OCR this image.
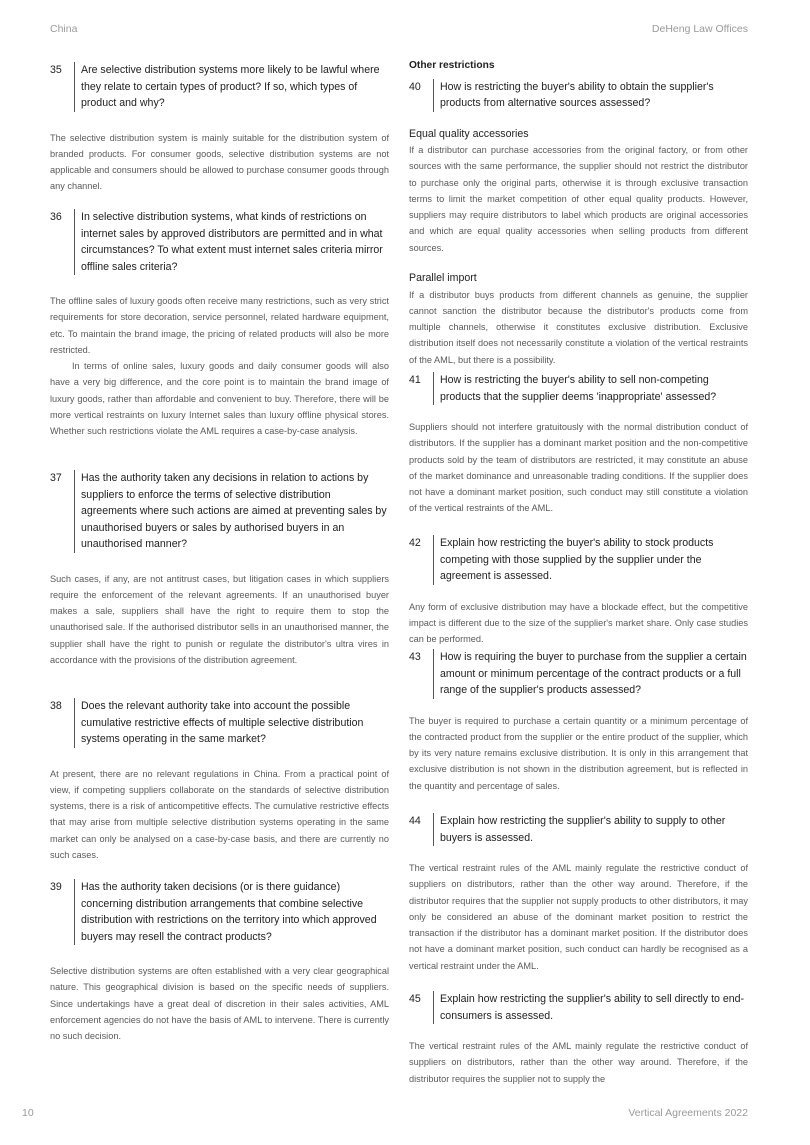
China	DeHeng Law Offices
35	Are selective distribution systems more likely to be lawful where they relate to certain types of product? If so, which types of product and why?

The selective distribution system is mainly suitable for the distribution system of branded products. For consumer goods, selective distribution systems are not applicable and consumers should be allowed to purchase consumer goods through any channel.

36	In selective distribution systems, what kinds of restrictions on internet sales by approved distributors are permitted and in what circumstances? To what extent must internet sales criteria mirror offline sales criteria?

The offline sales of luxury goods often receive many restrictions, such as very strict requirements for store decoration, service personnel, related hardware equipment, etc. To maintain the brand image, the pricing of related products will also be more restricted.

In terms of online sales, luxury goods and daily consumer goods will also have a very big difference, and the core point is to maintain the brand image of luxury goods, rather than affordable and convenient to buy. Therefore, there will be more vertical restraints on luxury Internet sales than luxury offline physical stores. Whether such restrictions violate the AML requires a case-by-case analysis.

37	Has the authority taken any decisions in relation to actions by suppliers to enforce the terms of selective distribution agreements where such actions are aimed at preventing sales by unauthorised buyers or sales by authorised buyers in an unauthorised manner?

Such cases, if any, are not antitrust cases, but litigation cases in which suppliers require the enforcement of the relevant agreements. If an unauthorised buyer makes a sale, suppliers shall have the right to require them to stop the unauthorised sale. If the authorised distributor sells in an unauthorised manner, the supplier shall have the right to punish or regulate the distributor's ultra vires in accordance with the provisions of the distribution agreement.

38	Does the relevant authority take into account the possible cumulative restrictive effects of multiple selective distribution systems operating in the same market?

At present, there are no relevant regulations in China. From a practical point of view, if competing suppliers collaborate on the standards of selective distribution systems, there is a risk of anticompetitive effects. The cumulative restrictive effects that may arise from multiple selective distribution systems operating in the same market can only be analysed on a case-by-case basis, and there are currently no such cases.

39	Has the authority taken decisions (or is there guidance) concerning distribution arrangements that combine selective distribution with restrictions on the territory into which approved buyers may resell the contract products?

Selective distribution systems are often established with a very clear geographical nature. This geographical division is based on the specific needs of suppliers. Since undertakings have a great deal of discretion in their sales activities, AML enforcement agencies do not have the basis of AML to intervene. There is currently no such decision.

Other restrictions
40	How is restricting the buyer's ability to obtain the supplier's products from alternative sources assessed?
Equal quality accessories

If a distributor can purchase accessories from the original factory, or from other sources with the same performance, the supplier should not restrict the distributor to purchase only the original parts, otherwise it is through exclusive transaction terms to limit the market competition of other equal quality products. However, suppliers may require distributors to label which products are original accessories and which are equal quality accessories when selling products from different sources.

Parallel import

If a distributor buys products from different channels as genuine, the supplier cannot sanction the distributor because the distributor's products come from multiple channels, otherwise it constitutes exclusive distribution. Exclusive distribution itself does not necessarily constitute a violation of the vertical restraints of the AML, but there is a possibility.

41	How is restricting the buyer's ability to sell non-competing products that the supplier deems 'inappropriate' assessed?

Suppliers should not interfere gratuitously with the normal distribution conduct of distributors. If the supplier has a dominant market position and the non-competitive products sold by the team of distributors are restricted, it may constitute an abuse of the market dominance and unreasonable trading conditions. If the supplier does not have a dominant market position, such conduct may still constitute a violation of the vertical restraints of the AML.

42	Explain how restricting the buyer's ability to stock products competing with those supplied by the supplier under the agreement is assessed.

Any form of exclusive distribution may have a blockade effect, but the competitive impact is different due to the size of the supplier's market share. Only case studies can be performed.

43	How is requiring the buyer to purchase from the supplier a certain amount or minimum percentage of the contract products or a full range of the supplier's products assessed?

The buyer is required to purchase a certain quantity or a minimum percentage of the contracted product from the supplier or the entire product of the supplier, which by its very nature remains exclusive distribution. It is only in this arrangement that exclusive distribution is not shown in the distribution agreement, but is reflected in the quantity and percentage of sales.

44	Explain how restricting the supplier's ability to supply to other buyers is assessed.

The vertical restraint rules of the AML mainly regulate the restrictive conduct of suppliers on distributors, rather than the other way around. Therefore, if the distributor requires that the supplier not supply products to other distributors, it may only be considered an abuse of the dominant market position to restrict the transaction if the distributor has a dominant market position. If the distributor does not have a dominant market position, such conduct can hardly be recognised as a vertical restraint under the AML.

45	Explain how restricting the supplier's ability to sell directly to end-consumers is assessed.

The vertical restraint rules of the AML mainly regulate the restrictive conduct of suppliers on distributors, rather than the other way around. Therefore, if the distributor requires the supplier not to supply the

10	Vertical Agreements 2022
